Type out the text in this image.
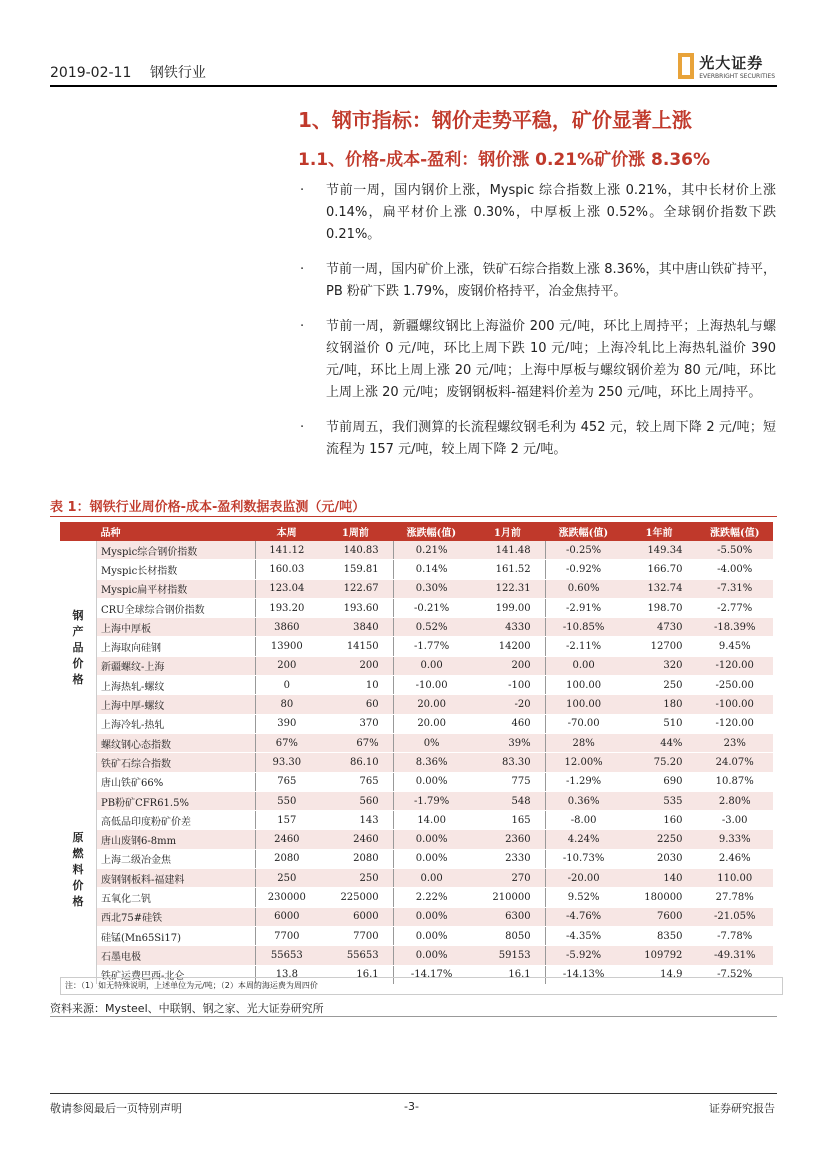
2019-02-11 钢铁行业
光大证券
EVERBRIGHT SECURITIES
1、钢市指标：钢价走势平稳，矿价显著上涨
1.1、价格-成本-盈利：钢价涨 0.21%矿价涨 8.36%
· 节前一周，国内钢价上涨，Myspic 综合指数上涨 0.21%，其中长材价上涨 0.14%，扁平材价上涨 0.30%，中厚板上涨 0.52%。全球钢价指数下跌 0.21%。
· 节前一周，国内矿价上涨，铁矿石综合指数上涨 8.36%，其中唐山铁矿持平，PB 粉矿下跌 1.79%，废钢价格持平，冶金焦持平。
· 节前一周，新疆螺纹钢比上海溢价 200 元/吨，环比上周持平；上海热轧与螺纹钢溢价 0 元/吨，环比上周下跌 10 元/吨；上海冷轧比上海热轧溢价 390 元/吨，环比上周上涨 20 元/吨；上海中厚板与螺纹钢价差为 80 元/吨，环比上周上涨 20 元/吨；废钢钢板料-福建料价差为 250 元/吨，环比上周持平。
· 节前周五，我们测算的长流程螺纹钢毛利为 452 元，较上周下降 2 元/吨；短流程为 157 元/吨，较上周下降 2 元/吨。
表 1：钢铁行业周价格-成本-盈利数据表监测（元/吨）
	品种	本周	1周前	涨跌幅(值)	1月前	涨跌幅(值)	1年前	涨跌幅(值)
钢
产
品
价
格	Myspic综合钢价指数	141.12	140.83	0.21%	141.48	-0.25%	149.34	-5.50%
	Myspic长材指数	160.03	159.81	0.14%	161.52	-0.92%	166.70	-4.00%
	Myspic扁平材指数	123.04	122.67	0.30%	122.31	0.60%	132.74	-7.31%
	CRU全球综合钢价指数	193.20	193.60	-0.21%	199.00	-2.91%	198.70	-2.77%
	上海中厚板	3860	3840	0.52%	4330	-10.85%	4730	-18.39%
	上海取向硅钢	13900	14150	-1.77%	14200	-2.11%	12700	9.45%
	新疆螺纹-上海	200	200	0.00	200	0.00	320	-120.00
	上海热轧-螺纹	0	10	-10.00	-100	100.00	250	-250.00
	上海中厚-螺纹	80	60	20.00	-20	100.00	180	-100.00
	上海冷轧-热轧	390	370	20.00	460	-70.00	510	-120.00
	螺纹钢心态指数	67%	67%	0%	39%	28%	44%	23%
原
燃
料
价
格	铁矿石综合指数	93.30	86.10	8.36%	83.30	12.00%	75.20	24.07%
	唐山铁矿66%	765	765	0.00%	775	-1.29%	690	10.87%
	PB粉矿CFR61.5%	550	560	-1.79%	548	0.36%	535	2.80%
	高低品印度粉矿价差	157	143	14.00	165	-8.00	160	-3.00
	唐山废钢6-8mm	2460	2460	0.00%	2360	4.24%	2250	9.33%
	上海二级冶金焦	2080	2080	0.00%	2330	-10.73%	2030	2.46%
	废钢钢板料-福建料	250	250	0.00	270	-20.00	140	110.00
	五氧化二钒	230000	225000	2.22%	210000	9.52%	180000	27.78%
	西北75#硅铁	6000	6000	0.00%	6300	-4.76%	7600	-21.05%
	硅锰(Mn65Si17)	7700	7700	0.00%	8050	-4.35%	8350	-7.78%
	石墨电极	55653	55653	0.00%	59153	-5.92%	109792	-49.31%
	铁矿运费巴西-北仑	13.8	16.1	-14.17%	16.1	-14.13%	14.9	-7.52%
注：（1）如无特殊说明，上述单位为元/吨；（2）本周的海运费为周四价
资料来源：Mysteel、中联钢、钢之家、光大证券研究所
敬请参阅最后一页特别声明	-3-	证券研究报告
